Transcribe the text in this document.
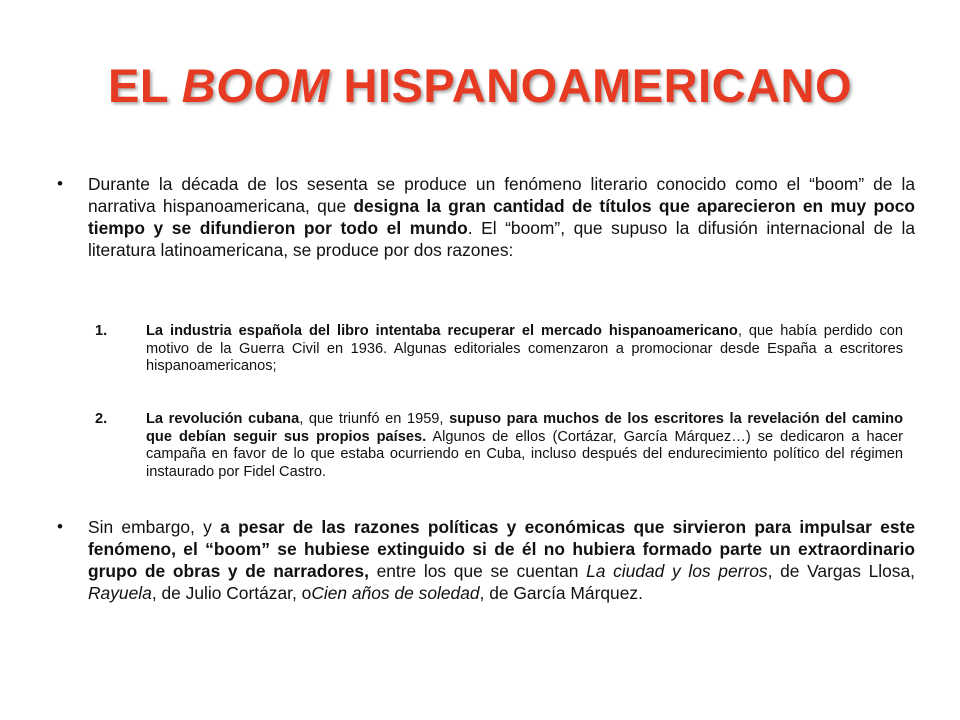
EL BOOM HISPANOAMERICANO
• Durante la década de los sesenta se produce un fenómeno literario conocido como el “boom” de la narrativa hispanoamericana, que designa la gran cantidad de títulos que aparecieron en muy poco tiempo y se difundieron por todo el mundo. El “boom”, que supuso la difusión internacional de la literatura latinoamericana, se produce por dos razones:
1.	La industria española del libro intentaba recuperar el mercado hispanoamericano, que había perdido con motivo de la Guerra Civil en 1936. Algunas editoriales comenzaron a promocionar desde España a escritores hispanoamericanos;
2.	La revolución cubana, que triunfó en 1959, supuso para muchos de los escritores la revelación del camino que debían seguir sus propios países. Algunos de ellos (Cortázar, García Márquez…) se dedicaron a hacer campaña en favor de lo que estaba ocurriendo en Cuba, incluso después del endurecimiento político del régimen instaurado por Fidel Castro.
• Sin embargo, y a pesar de las razones políticas y económicas que sirvieron para impulsar este fenómeno, el “boom” se hubiese extinguido si de él no hubiera formado parte un extraordinario grupo de obras y de narradores, entre los que se cuentan La ciudad y los perros, de Vargas Llosa, Rayuela, de Julio Cortázar, oCien años de soledad, de García Márquez.
